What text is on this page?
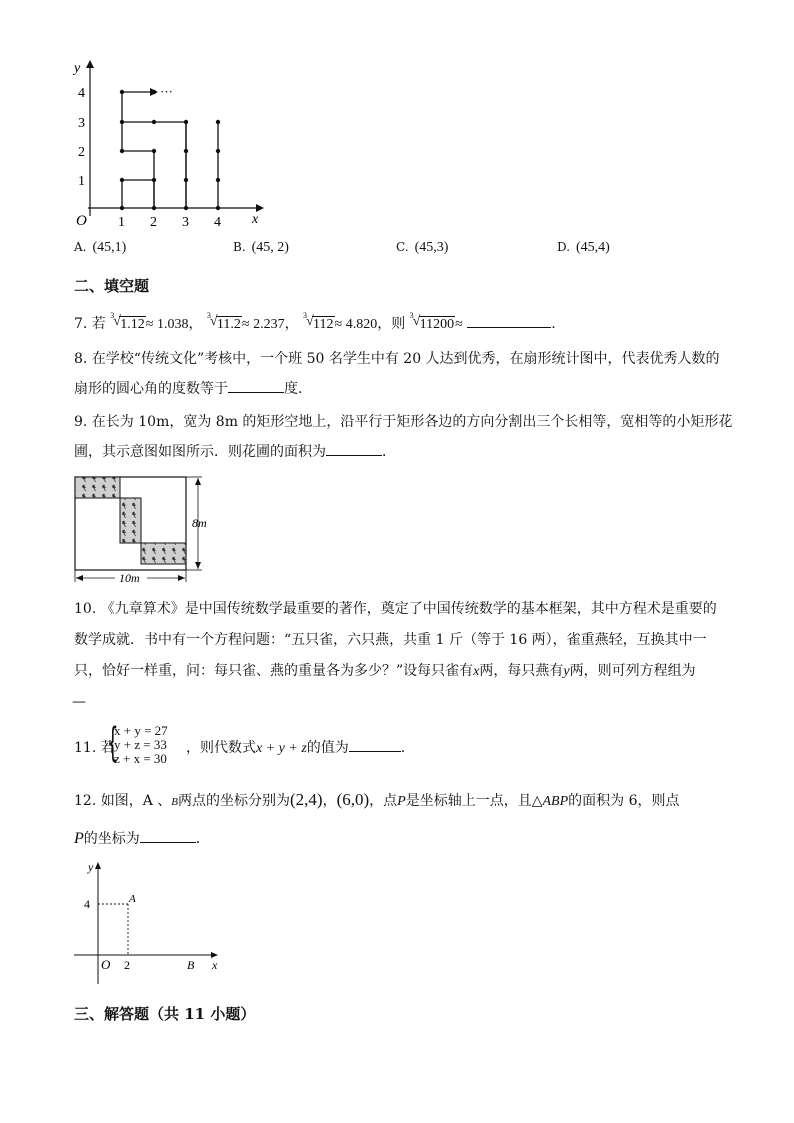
···
y
x
O 1 2 3 4
1
2
3
4
A. (45,1)	B. (45, 2)	C. (45,3)	D. (45,4)
二、填空题
7. 若
3
√ 1.12≈ 1.038，
3
√ 11.2≈ 2.237，
3
√ 112≈ 4.820，则
3
√ 11200≈	.
8. 在学校“传统文化”考核中，一个班 50 名学生中有 20 人达到优秀，在扇形统计图中，代表优秀人数的
扇形的圆心角的度数等于	度.
9. 在长为 10m，宽为 8m 的矩形空地上，沿平行于矩形各边的方向分割出三个长相等，宽相等的小矩形花
圃，其示意图如图所示．则花圃的面积为	．
8m
10m
10. 《九章算术》是中国传统数学最重要的著作，奠定了中国传统数学的基本框架，其中方程术是重要的
数学成就．书中有一个方程问题：“五只雀，六只燕，共重 1 斤（等于 16 两），雀重燕轻，互换其中一
只，恰好一样重，问：每只雀、燕的重量各为多少？”设每只雀有x两，每只燕有y两，则可列方程组为
—
11. 若
{
x + y = 27
y + z = 33
z + x = 30
，则代数式x + y + z的值为	.
12. 如图，A 、B两点的坐标分别为(2,4)，(6,0)，点P是坐标轴上一点，且△ABP的面积为 6，则点
P的坐标为	．
y
x
O
4
2
A
B
三、解答题（共 11 小题）
